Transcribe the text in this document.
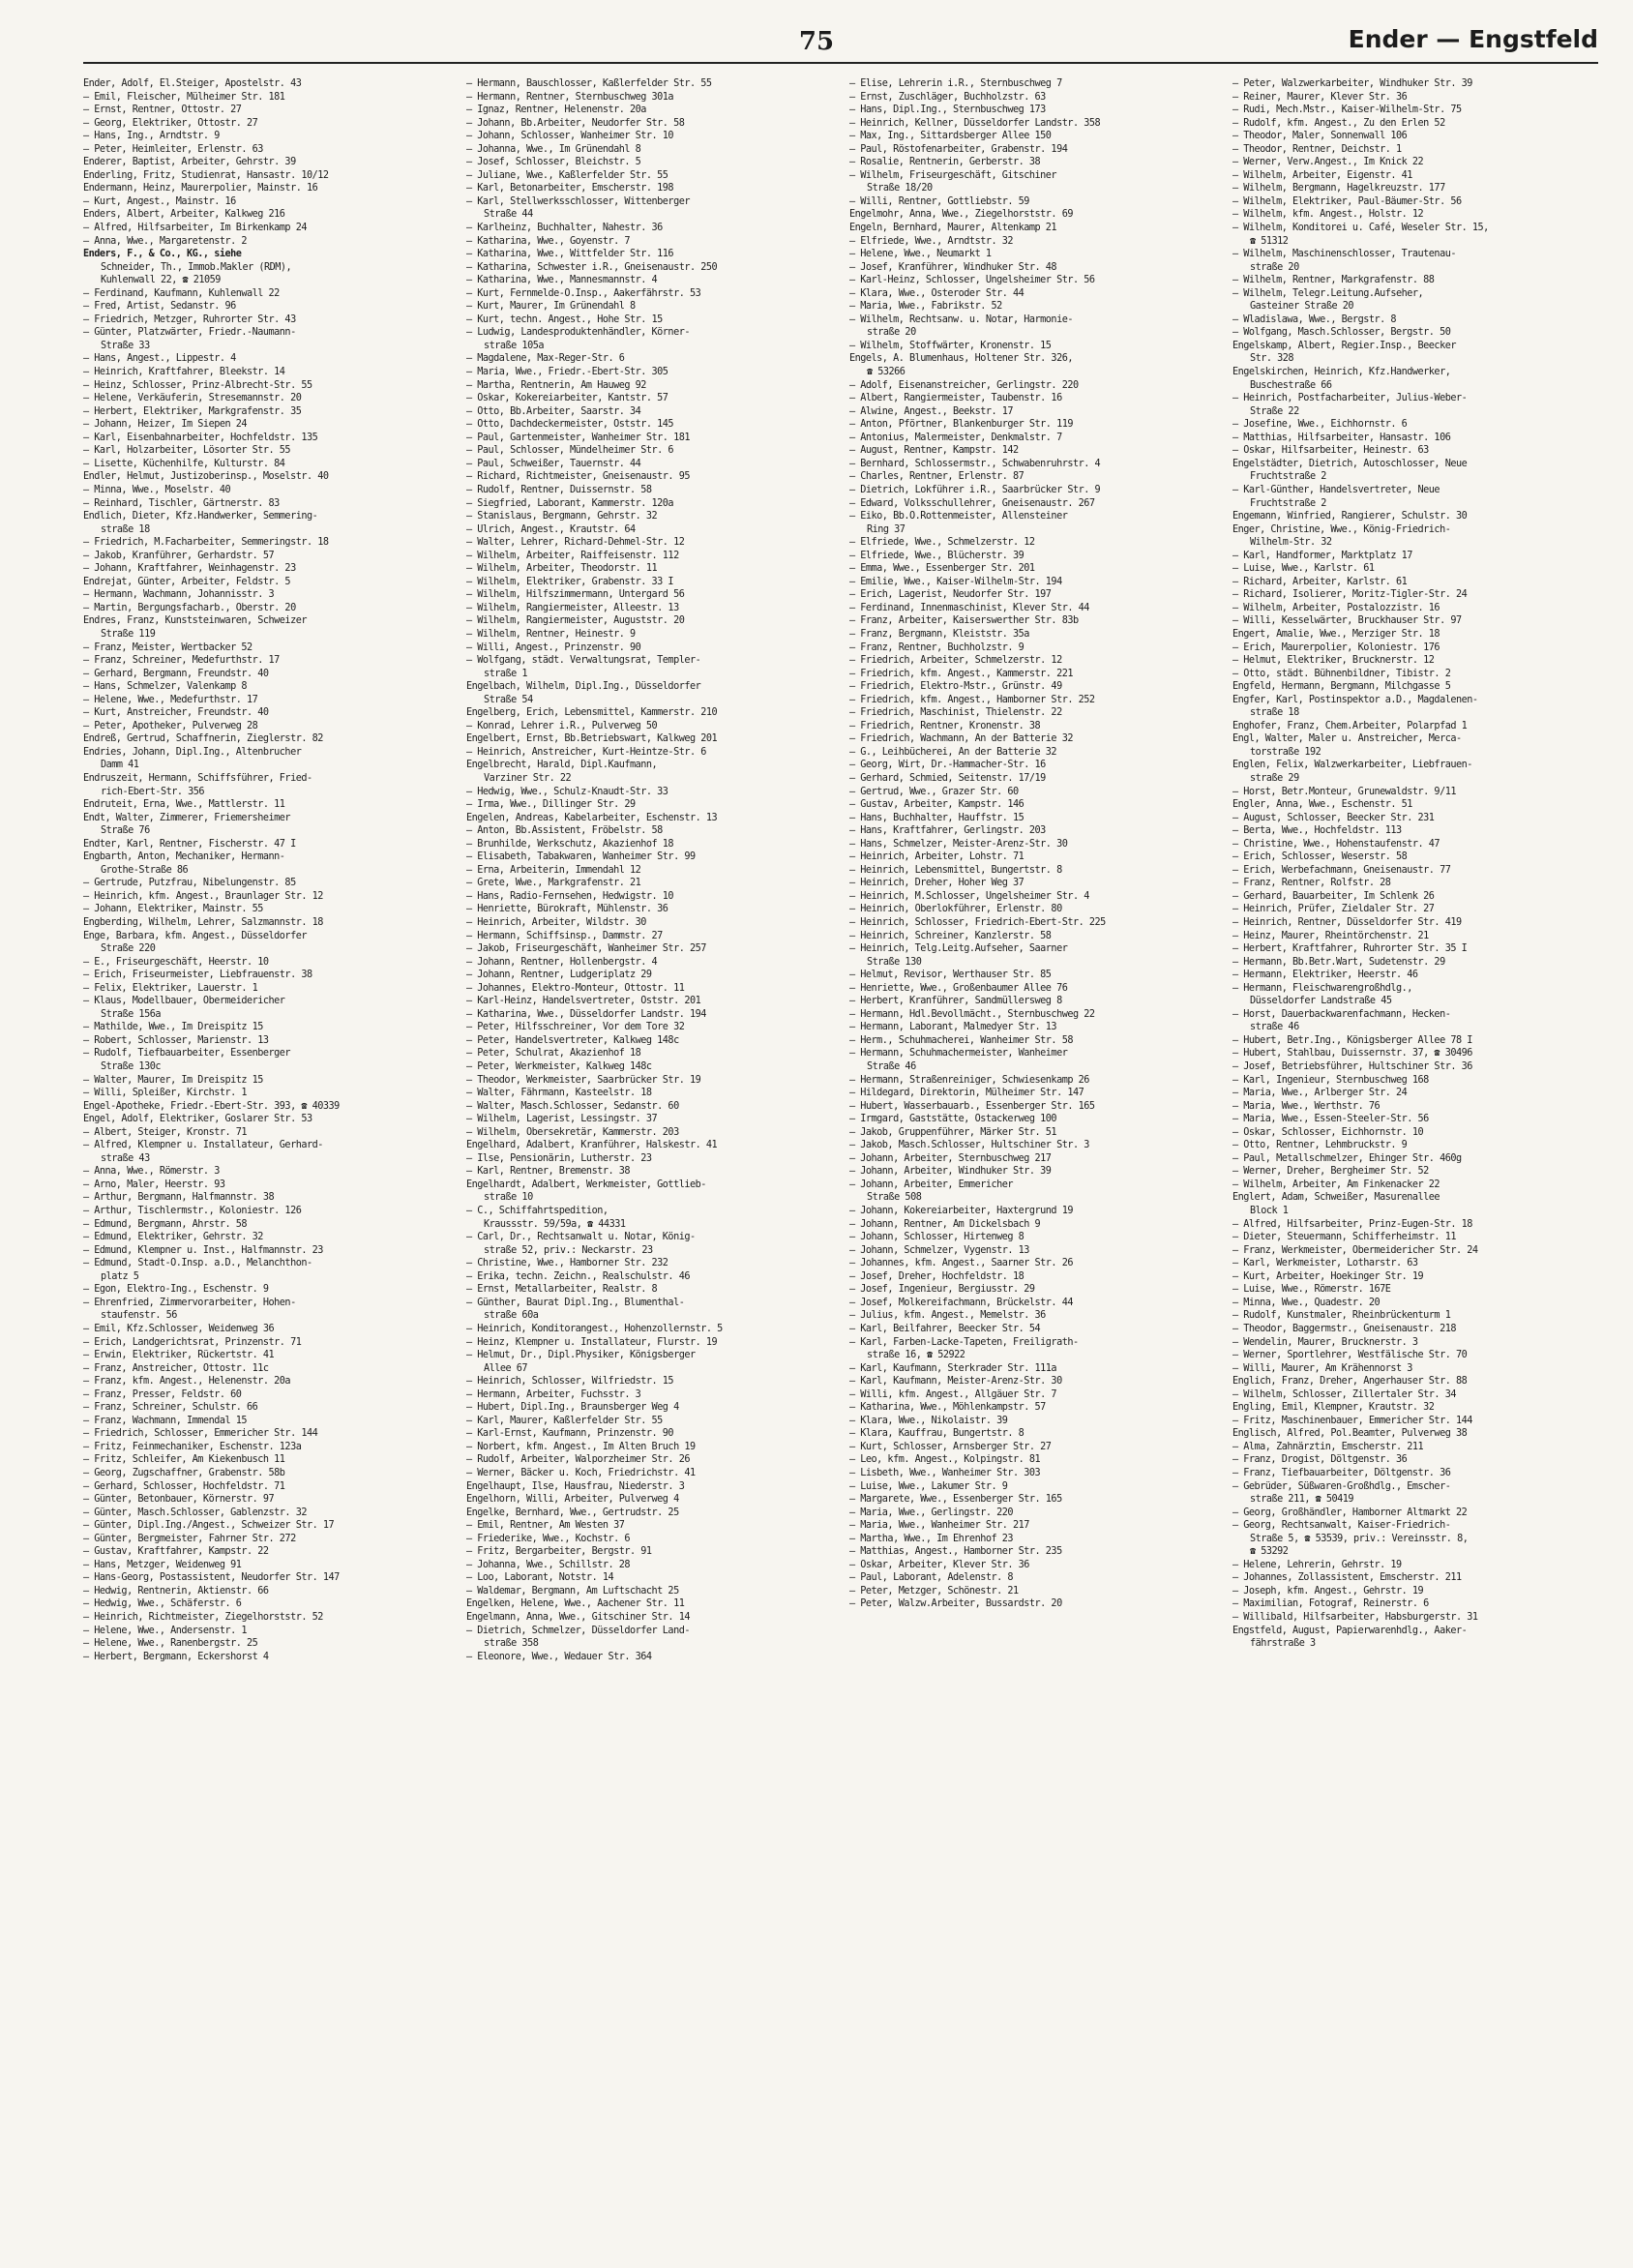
75	Ender — Engstfeld
Ender, Adolf, El.Steiger, Apostelstr. 43
— Emil, Fleischer, Mülheimer Str. 181
— Ernst, Rentner, Ottostr. 27
— Georg, Elektriker, Ottostr. 27
— Hans, Ing., Arndtstr. 9
— Peter, Heimleiter, Erlenstr. 63
Enderer, Baptist, Arbeiter, Gehrstr. 39
Enderling, Fritz, Studienrat, Hansastr. 10/12
Endermann, Heinz, Maurerpolier, Mainstr. 16
— Kurt, Angest., Mainstr. 16
Enders, Albert, Arbeiter, Kalkweg 216
— Alfred, Hilfsarbeiter, Im Birkenkamp 24
— Anna, Wwe., Margaretenstr. 2
Enders, F., & Co., KG., siehe
Schneider, Th., Immob.Makler (RDM),
Kuhlenwall 22, ☎ 21059
— Ferdinand, Kaufmann, Kuhlenwall 22
— Fred, Artist, Sedanstr. 96
— Friedrich, Metzger, Ruhrorter Str. 43
— Günter, Platzwärter, Friedr.-Naumann-
Straße 33
— Hans, Angest., Lippestr. 4
— Heinrich, Kraftfahrer, Bleekstr. 14
— Heinz, Schlosser, Prinz-Albrecht-Str. 55
— Helene, Verkäuferin, Stresemannstr. 20
— Herbert, Elektriker, Markgrafenstr. 35
— Johann, Heizer, Im Siepen 24
— Karl, Eisenbahnarbeiter, Hochfeldstr. 135
— Karl, Holzarbeiter, Lösorter Str. 55
— Lisette, Küchenhilfe, Kulturstr. 84
Endler, Helmut, Justizoberinsp., Moselstr. 40
— Minna, Wwe., Moselstr. 40
— Reinhard, Tischler, Gärtnerstr. 83
Endlich, Dieter, Kfz.Handwerker, Semmering-
straße 18
— Friedrich, M.Facharbeiter, Semmeringstr. 18
— Jakob, Kranführer, Gerhardstr. 57
— Johann, Kraftfahrer, Weinhagenstr. 23
Endrejat, Günter, Arbeiter, Feldstr. 5
— Hermann, Wachmann, Johannisstr. 3
— Martin, Bergungsfacharb., Oberstr. 20
Endres, Franz, Kunststeinwaren, Schweizer
Straße 119
— Franz, Meister, Wertbacker 52
— Franz, Schreiner, Medefurthstr. 17
— Gerhard, Bergmann, Freundstr. 40
— Hans, Schmelzer, Valenkamp 8
— Helene, Wwe., Medefurthstr. 17
— Kurt, Anstreicher, Freundstr. 40
— Peter, Apotheker, Pulverweg 28
Endreß, Gertrud, Schaffnerin, Zieglerstr. 82
Endries, Johann, Dipl.Ing., Altenbrucher
Damm 41
Endruszeit, Hermann, Schiffsführer, Fried-
rich-Ebert-Str. 356
Endruteit, Erna, Wwe., Mattlerstr. 11
Endt, Walter, Zimmerer, Friemersheimer
Straße 76
Endter, Karl, Rentner, Fischerstr. 47 I
Engbarth, Anton, Mechaniker, Hermann-
Grothe-Straße 86
— Gertrude, Putzfrau, Nibelungenstr. 85
— Heinrich, kfm. Angest., Braunlager Str. 12
— Johann, Elektriker, Mainstr. 55
Engberding, Wilhelm, Lehrer, Salzmannstr. 18
Enge, Barbara, kfm. Angest., Düsseldorfer
Straße 220
— E., Friseurgeschäft, Heerstr. 10
— Erich, Friseurmeister, Liebfrauenstr. 38
— Felix, Elektriker, Lauerstr. 1
— Klaus, Modellbauer, Obermeidericher
Straße 156a
— Mathilde, Wwe., Im Dreispitz 15
— Robert, Schlosser, Marienstr. 13
— Rudolf, Tiefbauarbeiter, Essenberger
Straße 130c
— Walter, Maurer, Im Dreispitz 15
— Willi, Spleißer, Kirchstr. 1
Engel-Apotheke, Friedr.-Ebert-Str. 393, ☎ 40339
Engel, Adolf, Elektriker, Goslarer Str. 53
— Albert, Steiger, Kronstr. 71
— Alfred, Klempner u. Installateur, Gerhard-
straße 43
— Anna, Wwe., Römerstr. 3
— Arno, Maler, Heerstr. 93
— Arthur, Bergmann, Halfmannstr. 38
— Arthur, Tischlermstr., Koloniestr. 126
— Edmund, Bergmann, Ahrstr. 58
— Edmund, Elektriker, Gehrstr. 32
— Edmund, Klempner u. Inst., Halfmannstr. 23
— Edmund, Stadt-O.Insp. a.D., Melanchthon-
platz 5
— Egon, Elektro-Ing., Eschenstr. 9
— Ehrenfried, Zimmervorarbeiter, Hohen-
staufenstr. 56
— Emil, Kfz.Schlosser, Weidenweg 36
— Erich, Landgerichtsrat, Prinzenstr. 71
— Erwin, Elektriker, Rückertstr. 41
— Franz, Anstreicher, Ottostr. 11c
— Franz, kfm. Angest., Helenenstr. 20a
— Franz, Presser, Feldstr. 60
— Franz, Schreiner, Schulstr. 66
— Franz, Wachmann, Immendal 15
— Friedrich, Schlosser, Emmericher Str. 144
— Fritz, Feinmechaniker, Eschenstr. 123a
— Fritz, Schleifer, Am Kiekenbusch 11
— Georg, Zugschaffner, Grabenstr. 58b
— Gerhard, Schlosser, Hochfeldstr. 71
— Günter, Betonbauer, Körnerstr. 97
— Günter, Masch.Schlosser, Gablenzstr. 32
— Günter, Dipl.Ing./Angest., Schweizer Str. 17
— Günter, Bergmeister, Fahrner Str. 272
— Gustav, Kraftfahrer, Kampstr. 22
— Hans, Metzger, Weidenweg 91
— Hans-Georg, Postassistent, Neudorfer Str. 147
— Hedwig, Rentnerin, Aktienstr. 66
— Hedwig, Wwe., Schäferstr. 6
— Heinrich, Richtmeister, Ziegelhorststr. 52
— Helene, Wwe., Andersenstr. 1
— Helene, Wwe., Ranenbergstr. 25
— Herbert, Bergmann, Eckershorst 4
— Hermann, Bauschlosser, Kaßlerfelder Str. 55
— Hermann, Rentner, Sternbuschweg 301a
— Ignaz, Rentner, Helenenstr. 20a
— Johann, Bb.Arbeiter, Neudorfer Str. 58
— Johann, Schlosser, Wanheimer Str. 10
— Johanna, Wwe., Im Grünendahl 8
— Josef, Schlosser, Bleichstr. 5
— Juliane, Wwe., Kaßlerfelder Str. 55
— Karl, Betonarbeiter, Emscherstr. 198
— Karl, Stellwerksschlosser, Wittenberger
Straße 44
— Karlheinz, Buchhalter, Nahestr. 36
— Katharina, Wwe., Goyenstr. 7
— Katharina, Wwe., Wittfelder Str. 116
— Katharina, Schwester i.R., Gneisenaustr. 250
— Katharina, Wwe., Mannesmannstr. 4
— Kurt, Fernmelde-O.Insp., Aakerfährstr. 53
— Kurt, Maurer, Im Grünendahl 8
— Kurt, techn. Angest., Hohe Str. 15
— Ludwig, Landesproduktenhändler, Körner-
straße 105a
— Magdalene, Max-Reger-Str. 6
— Maria, Wwe., Friedr.-Ebert-Str. 305
— Martha, Rentnerin, Am Hauweg 92
— Oskar, Kokereiarbeiter, Kantstr. 57
— Otto, Bb.Arbeiter, Saarstr. 34
— Otto, Dachdeckermeister, Oststr. 145
— Paul, Gartenmeister, Wanheimer Str. 181
— Paul, Schlosser, Mündelheimer Str. 6
— Paul, Schweißer, Tauernstr. 44
— Richard, Richtmeister, Gneisenaustr. 95
— Rudolf, Rentner, Duissernstr. 58
— Siegfried, Laborant, Kammerstr. 120a
— Stanislaus, Bergmann, Gehrstr. 32
— Ulrich, Angest., Krautstr. 64
— Walter, Lehrer, Richard-Dehmel-Str. 12
— Wilhelm, Arbeiter, Raiffeisenstr. 112
— Wilhelm, Arbeiter, Theodorstr. 11
— Wilhelm, Elektriker, Grabenstr. 33 I
— Wilhelm, Hilfszimmermann, Untergard 56
— Wilhelm, Rangiermeister, Alleestr. 13
— Wilhelm, Rangiermeister, Auguststr. 20
— Wilhelm, Rentner, Heinestr. 9
— Willi, Angest., Prinzenstr. 90
— Wolfgang, städt. Verwaltungsrat, Templer-
straße 1
Engelbach, Wilhelm, Dipl.Ing., Düsseldorfer
Straße 54
Engelberg, Erich, Lebensmittel, Kammerstr. 210
— Konrad, Lehrer i.R., Pulverweg 50
Engelbert, Ernst, Bb.Betriebswart, Kalkweg 201
— Heinrich, Anstreicher, Kurt-Heintze-Str. 6
Engelbrecht, Harald, Dipl.Kaufmann,
Varziner Str. 22
— Hedwig, Wwe., Schulz-Knaudt-Str. 33
— Irma, Wwe., Dillinger Str. 29
Engelen, Andreas, Kabelarbeiter, Eschenstr. 13
— Anton, Bb.Assistent, Fröbelstr. 58
— Brunhilde, Werkschutz, Akazienhof 18
— Elisabeth, Tabakwaren, Wanheimer Str. 99
— Erna, Arbeiterin, Immendahl 12
— Grete, Wwe., Markgrafenstr. 21
— Hans, Radio-Fernsehen, Hedwigstr. 10
— Henriette, Bürokraft, Mühlenstr. 36
— Heinrich, Arbeiter, Wildstr. 30
— Hermann, Schiffsinsp., Dammstr. 27
— Jakob, Friseurgeschäft, Wanheimer Str. 257
— Johann, Rentner, Hollenbergstr. 4
— Johann, Rentner, Ludgeriplatz 29
— Johannes, Elektro-Monteur, Ottostr. 11
— Karl-Heinz, Handelsvertreter, Oststr. 201
— Katharina, Wwe., Düsseldorfer Landstr. 194
— Peter, Hilfsschreiner, Vor dem Tore 32
— Peter, Handelsvertreter, Kalkweg 148c
— Peter, Schulrat, Akazienhof 18
— Peter, Werkmeister, Kalkweg 148c
— Theodor, Werkmeister, Saarbrücker Str. 19
— Walter, Fährmann, Kasteelstr. 18
— Walter, Masch.Schlosser, Sedanstr. 60
— Wilhelm, Lagerist, Lessingstr. 37
— Wilhelm, Obersekretär, Kammerstr. 203
Engelhard, Adalbert, Kranführer, Halskestr. 41
— Ilse, Pensionärin, Lutherstr. 23
— Karl, Rentner, Bremenstr. 38
Engelhardt, Adalbert, Werkmeister, Gottlieb-
straße 10
— C., Schiffahrtspedition,
Kraussstr. 59/59a, ☎ 44331
— Carl, Dr., Rechtsanwalt u. Notar, König-
straße 52, priv.: Neckarstr. 23
— Christine, Wwe., Hamborner Str. 232
— Erika, techn. Zeichn., Realschulstr. 46
— Ernst, Metallarbeiter, Realstr. 8
— Günther, Baurat Dipl.Ing., Blumenthal-
straße 60a
— Heinrich, Konditorangest., Hohenzollernstr. 5
— Heinz, Klempner u. Installateur, Flurstr. 19
— Helmut, Dr., Dipl.Physiker, Königsberger
Allee 67
— Heinrich, Schlosser, Wilfriedstr. 15
— Hermann, Arbeiter, Fuchsstr. 3
— Hubert, Dipl.Ing., Braunsberger Weg 4
— Karl, Maurer, Kaßlerfelder Str. 55
— Karl-Ernst, Kaufmann, Prinzenstr. 90
— Norbert, kfm. Angest., Im Alten Bruch 19
— Rudolf, Arbeiter, Walporzheimer Str. 26
— Werner, Bäcker u. Koch, Friedrichstr. 41
Engelhaupt, Ilse, Hausfrau, Niederstr. 3
Engelhorn, Willi, Arbeiter, Pulverweg 4
Engelke, Bernhard, Wwe., Gertrudstr. 25
— Emil, Rentner, Am Westen 37
— Friederike, Wwe., Kochstr. 6
— Fritz, Bergarbeiter, Bergstr. 91
— Johanna, Wwe., Schillstr. 28
— Loo, Laborant, Notstr. 14
— Waldemar, Bergmann, Am Luftschacht 25
Engelken, Helene, Wwe., Aachener Str. 11
Engelmann, Anna, Wwe., Gitschiner Str. 14
— Dietrich, Schmelzer, Düsseldorfer Land-
straße 358
— Eleonore, Wwe., Wedauer Str. 364
— Elise, Lehrerin i.R., Sternbuschweg 7
— Ernst, Zuschläger, Buchholzstr. 63
— Hans, Dipl.Ing., Sternbuschweg 173
— Heinrich, Kellner, Düsseldorfer Landstr. 358
— Max, Ing., Sittardsberger Allee 150
— Paul, Röstofenarbeiter, Grabenstr. 194
— Rosalie, Rentnerin, Gerberstr. 38
— Wilhelm, Friseurgeschäft, Gitschiner
Straße 18/20
— Willi, Rentner, Gottliebstr. 59
Engelmohr, Anna, Wwe., Ziegelhorststr. 69
Engeln, Bernhard, Maurer, Altenkamp 21
— Elfriede, Wwe., Arndtstr. 32
— Helene, Wwe., Neumarkt 1
— Josef, Kranführer, Windhuker Str. 48
— Karl-Heinz, Schlosser, Ungelsheimer Str. 56
— Klara, Wwe., Osteroder Str. 44
— Maria, Wwe., Fabrikstr. 52
— Wilhelm, Rechtsanw. u. Notar, Harmonie-
straße 20
— Wilhelm, Stoffwärter, Kronenstr. 15
Engels, A. Blumenhaus, Holtener Str. 326,
☎ 53266
— Adolf, Eisenanstreicher, Gerlingstr. 220
— Albert, Rangiermeister, Taubenstr. 16
— Alwine, Angest., Beekstr. 17
— Anton, Pförtner, Blankenburger Str. 119
— Antonius, Malermeister, Denkmalstr. 7
— August, Rentner, Kampstr. 142
— Bernhard, Schlossermstr., Schwabenruhrstr. 4
— Charles, Rentner, Erlenstr. 87
— Dietrich, Lokführer i.R., Saarbrücker Str. 9
— Edward, Volksschullehrer, Gneisenaustr. 267
— Eiko, Bb.O.Rottenmeister, Allensteiner
Ring 37
— Elfriede, Wwe., Schmelzerstr. 12
— Elfriede, Wwe., Blücherstr. 39
— Emma, Wwe., Essenberger Str. 201
— Emilie, Wwe., Kaiser-Wilhelm-Str. 194
— Erich, Lagerist, Neudorfer Str. 197
— Ferdinand, Innenmaschinist, Klever Str. 44
— Franz, Arbeiter, Kaiserswerther Str. 83b
— Franz, Bergmann, Kleiststr. 35a
— Franz, Rentner, Buchholzstr. 9
— Friedrich, Arbeiter, Schmelzerstr. 12
— Friedrich, kfm. Angest., Kammerstr. 221
— Friedrich, Elektro-Mstr., Grünstr. 49
— Friedrich, kfm. Angest., Hamborner Str. 252
— Friedrich, Maschinist, Thielenstr. 22
— Friedrich, Rentner, Kronenstr. 38
— Friedrich, Wachmann, An der Batterie 32
— G., Leihbücherei, An der Batterie 32
— Georg, Wirt, Dr.-Hammacher-Str. 16
— Gerhard, Schmied, Seitenstr. 17/19
— Gertrud, Wwe., Grazer Str. 60
— Gustav, Arbeiter, Kampstr. 146
— Hans, Buchhalter, Hauffstr. 15
— Hans, Kraftfahrer, Gerlingstr. 203
— Hans, Schmelzer, Meister-Arenz-Str. 30
— Heinrich, Arbeiter, Lohstr. 71
— Heinrich, Lebensmittel, Bungertstr. 8
— Heinrich, Dreher, Hoher Weg 37
— Heinrich, M.Schlosser, Ungelsheimer Str. 4
— Heinrich, Oberlokführer, Erlenstr. 80
— Heinrich, Schlosser, Friedrich-Ebert-Str. 225
— Heinrich, Schreiner, Kanzlerstr. 58
— Heinrich, Telg.Leitg.Aufseher, Saarner
Straße 130
— Helmut, Revisor, Werthauser Str. 85
— Henriette, Wwe., Großenbaumer Allee 76
— Herbert, Kranführer, Sandmüllersweg 8
— Hermann, Hdl.Bevollmächt., Sternbuschweg 22
— Hermann, Laborant, Malmedyer Str. 13
— Herm., Schuhmacherei, Wanheimer Str. 58
— Hermann, Schuhmachermeister, Wanheimer
Straße 46
— Hermann, Straßenreiniger, Schwiesenkamp 26
— Hildegard, Direktorin, Mülheimer Str. 147
— Hubert, Wasserbauarb., Essenberger Str. 165
— Irmgard, Gaststätte, Ostackerweg 100
— Jakob, Gruppenführer, Märker Str. 51
— Jakob, Masch.Schlosser, Hultschiner Str. 3
— Johann, Arbeiter, Sternbuschweg 217
— Johann, Arbeiter, Windhuker Str. 39
— Johann, Arbeiter, Emmericher
Straße 508
— Johann, Kokereiarbeiter, Haxtergrund 19
— Johann, Rentner, Am Dickelsbach 9
— Johann, Schlosser, Hirtenweg 8
— Johann, Schmelzer, Vygenstr. 13
— Johannes, kfm. Angest., Saarner Str. 26
— Josef, Dreher, Hochfeldstr. 18
— Josef, Ingenieur, Bergiusstr. 29
— Josef, Molkereifachmann, Brückelstr. 44
— Julius, kfm. Angest., Memelstr. 36
— Karl, Beilfahrer, Beecker Str. 54
— Karl, Farben-Lacke-Tapeten, Freiligrath-
straße 16, ☎ 52922
— Karl, Kaufmann, Sterkrader Str. 111a
— Karl, Kaufmann, Meister-Arenz-Str. 30
— Willi, kfm. Angest., Allgäuer Str. 7
— Katharina, Wwe., Möhlenkampstr. 57
— Klara, Wwe., Nikolaistr. 39
— Klara, Kauffrau, Bungertstr. 8
— Kurt, Schlosser, Arnsberger Str. 27
— Leo, kfm. Angest., Kolpingstr. 81
— Lisbeth, Wwe., Wanheimer Str. 303
— Luise, Wwe., Lakumer Str. 9
— Margarete, Wwe., Essenberger Str. 165
— Maria, Wwe., Gerlingstr. 220
— Maria, Wwe., Wanheimer Str. 217
— Martha, Wwe., Im Ehrenhof 23
— Matthias, Angest., Hamborner Str. 235
— Oskar, Arbeiter, Klever Str. 36
— Paul, Laborant, Adelenstr. 8
— Peter, Metzger, Schönestr. 21
— Peter, Walzw.Arbeiter, Bussardstr. 20
— Peter, Walzwerkarbeiter, Windhuker Str. 39
— Reiner, Maurer, Klever Str. 36
— Rudi, Mech.Mstr., Kaiser-Wilhelm-Str. 75
— Rudolf, kfm. Angest., Zu den Erlen 52
— Theodor, Maler, Sonnenwall 106
— Theodor, Rentner, Deichstr. 1
— Werner, Verw.Angest., Im Knick 22
— Wilhelm, Arbeiter, Eigenstr. 41
— Wilhelm, Bergmann, Hagelkreuzstr. 177
— Wilhelm, Elektriker, Paul-Bäumer-Str. 56
— Wilhelm, kfm. Angest., Holstr. 12
— Wilhelm, Konditorei u. Café, Weseler Str. 15,
☎ 51312
— Wilhelm, Maschinenschlosser, Trautenau-
straße 20
— Wilhelm, Rentner, Markgrafenstr. 88
— Wilhelm, Telegr.Leitung.Aufseher,
Gasteiner Straße 20
— Wladislawa, Wwe., Bergstr. 8
— Wolfgang, Masch.Schlosser, Bergstr. 50
Engelskamp, Albert, Regier.Insp., Beecker
Str. 328
Engelskirchen, Heinrich, Kfz.Handwerker,
Buschestraße 66
— Heinrich, Postfacharbeiter, Julius-Weber-
Straße 22
— Josefine, Wwe., Eichhornstr. 6
— Matthias, Hilfsarbeiter, Hansastr. 106
— Oskar, Hilfsarbeiter, Heinestr. 63
Engelstädter, Dietrich, Autoschlosser, Neue
Fruchtstraße 2
— Karl-Günther, Handelsvertreter, Neue
Fruchtstraße 2
Engemann, Winfried, Rangierer, Schulstr. 30
Enger, Christine, Wwe., König-Friedrich-
Wilhelm-Str. 32
— Karl, Handformer, Marktplatz 17
— Luise, Wwe., Karlstr. 61
— Richard, Arbeiter, Karlstr. 61
— Richard, Isolierer, Moritz-Tigler-Str. 24
— Wilhelm, Arbeiter, Postalozzistr. 16
— Willi, Kesselwärter, Bruckhauser Str. 97
Engert, Amalie, Wwe., Merziger Str. 18
— Erich, Maurerpolier, Koloniestr. 176
— Helmut, Elektriker, Brucknerstr. 12
— Otto, städt. Bühnenbildner, Tibistr. 2
Engfeld, Hermann, Bergmann, Milchgasse 5
Engfer, Karl, Postinspektor a.D., Magdalenen-
straße 18
Enghofer, Franz, Chem.Arbeiter, Polarpfad 1
Engl, Walter, Maler u. Anstreicher, Merca-
torstraße 192
Englen, Felix, Walzwerkarbeiter, Liebfrauen-
straße 29
— Horst, Betr.Monteur, Grunewaldstr. 9/11
Engler, Anna, Wwe., Eschenstr. 51
— August, Schlosser, Beecker Str. 231
— Berta, Wwe., Hochfeldstr. 113
— Christine, Wwe., Hohenstaufenstr. 47
— Erich, Schlosser, Weserstr. 58
— Erich, Werbefachmann, Gneisenaustr. 77
— Franz, Rentner, Rolfstr. 28
— Gerhard, Bauarbeiter, Im Schlenk 26
— Heinrich, Prüfer, Zieldaler Str. 27
— Heinrich, Rentner, Düsseldorfer Str. 419
— Heinz, Maurer, Rheintörchenstr. 21
— Herbert, Kraftfahrer, Ruhrorter Str. 35 I
— Hermann, Bb.Betr.Wart, Sudetenstr. 29
— Hermann, Elektriker, Heerstr. 46
— Hermann, Fleischwarengroßhdlg.,
Düsseldorfer Landstraße 45
— Horst, Dauerbackwarenfachmann, Hecken-
straße 46
— Hubert, Betr.Ing., Königsberger Allee 78 I
— Hubert, Stahlbau, Duissernstr. 37, ☎ 30496
— Josef, Betriebsführer, Hultschiner Str. 36
— Karl, Ingenieur, Sternbuschweg 168
— Maria, Wwe., Arlberger Str. 24
— Maria, Wwe., Werthstr. 76
— Maria, Wwe., Essen-Steeler-Str. 56
— Oskar, Schlosser, Eichhornstr. 10
— Otto, Rentner, Lehmbruckstr. 9
— Paul, Metallschmelzer, Ehinger Str. 460g
— Werner, Dreher, Bergheimer Str. 52
— Wilhelm, Arbeiter, Am Finkenacker 22
Englert, Adam, Schweißer, Masurenallee
Block 1
— Alfred, Hilfsarbeiter, Prinz-Eugen-Str. 18
— Dieter, Steuermann, Schifferheimstr. 11
— Franz, Werkmeister, Obermeidericher Str. 24
— Karl, Werkmeister, Lotharstr. 63
— Kurt, Arbeiter, Hoekinger Str. 19
— Luise, Wwe., Römerstr. 167E
— Minna, Wwe., Quadestr. 20
— Rudolf, Kunstmaler, Rheinbrückenturm 1
— Theodor, Baggermstr., Gneisenaustr. 218
— Wendelin, Maurer, Brucknerstr. 3
— Werner, Sportlehrer, Westfälische Str. 70
— Willi, Maurer, Am Krähennorst 3
Englich, Franz, Dreher, Angerhauser Str. 88
— Wilhelm, Schlosser, Zillertaler Str. 34
Engling, Emil, Klempner, Krautstr. 32
— Fritz, Maschinenbauer, Emmericher Str. 144
Englisch, Alfred, Pol.Beamter, Pulverweg 38
— Alma, Zahnärztin, Emscherstr. 211
— Franz, Drogist, Döltgenstr. 36
— Franz, Tiefbauarbeiter, Döltgenstr. 36
— Gebrüder, Süßwaren-Großhdlg., Emscher-
straße 211, ☎ 50419
— Georg, Großhändler, Hamborner Altmarkt 22
— Georg, Rechtsanwalt, Kaiser-Friedrich-
Straße 5, ☎ 53539, priv.: Vereinsstr. 8,
☎ 53292
— Helene, Lehrerin, Gehrstr. 19
— Johannes, Zollassistent, Emscherstr. 211
— Joseph, kfm. Angest., Gehrstr. 19
— Maximilian, Fotograf, Reinerstr. 6
— Willibald, Hilfsarbeiter, Habsburgerstr. 31
Engstfeld, August, Papierwarenhdlg., Aaker-
fährstraße 3
